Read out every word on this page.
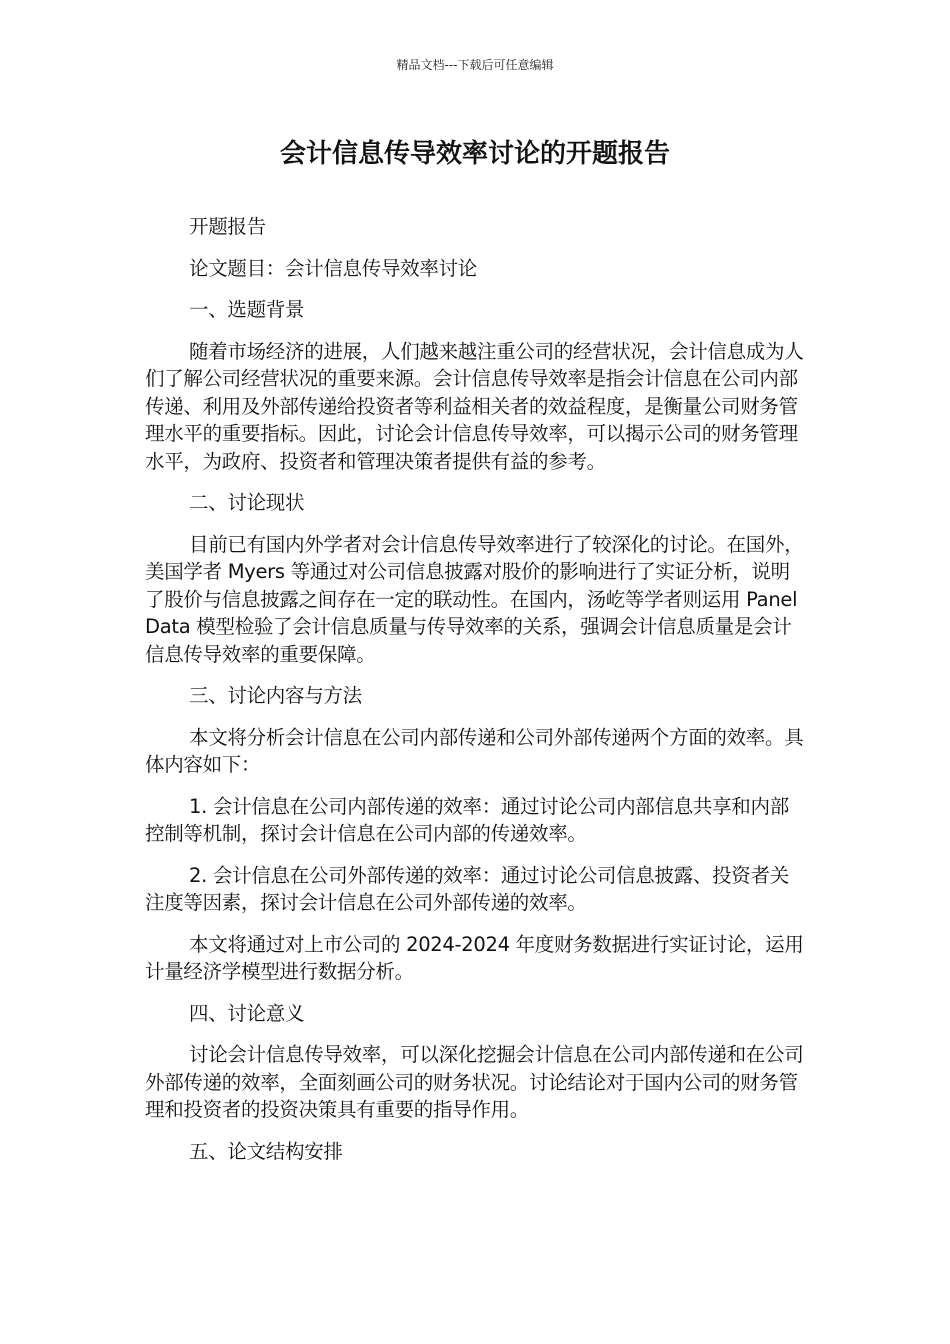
精品文档---下载后可任意编辑
会计信息传导效率讨论的开题报告

开题报告

论文题目：会计信息传导效率讨论

一、选题背景

随着市场经济的进展，人们越来越注重公司的经营状况，会计信息成为人们了解公司经营状况的重要来源。会计信息传导效率是指会计信息在公司内部传递、利用及外部传递给投资者等利益相关者的效益程度，是衡量公司财务管理水平的重要指标。因此，讨论会计信息传导效率，可以揭示公司的财务管理水平，为政府、投资者和管理决策者提供有益的参考。

二、讨论现状

目前已有国内外学者对会计信息传导效率进行了较深化的讨论。在国外，美国学者 Myers 等通过对公司信息披露对股价的影响进行了实证分析，说明了股价与信息披露之间存在一定的联动性。在国内，汤屹等学者则运用 Panel Data 模型检验了会计信息质量与传导效率的关系，强调会计信息质量是会计信息传导效率的重要保障。

三、讨论内容与方法

本文将分析会计信息在公司内部传递和公司外部传递两个方面的效率。具体内容如下：

1. 会计信息在公司内部传递的效率：通过讨论公司内部信息共享和内部控制等机制，探讨会计信息在公司内部的传递效率。

2. 会计信息在公司外部传递的效率：通过讨论公司信息披露、投资者关注度等因素，探讨会计信息在公司外部传递的效率。

本文将通过对上市公司的 2024-2024 年度财务数据进行实证讨论，运用计量经济学模型进行数据分析。

四、讨论意义

讨论会计信息传导效率，可以深化挖掘会计信息在公司内部传递和在公司外部传递的效率，全面刻画公司的财务状况。讨论结论对于国内公司的财务管理和投资者的投资决策具有重要的指导作用。

五、论文结构安排
